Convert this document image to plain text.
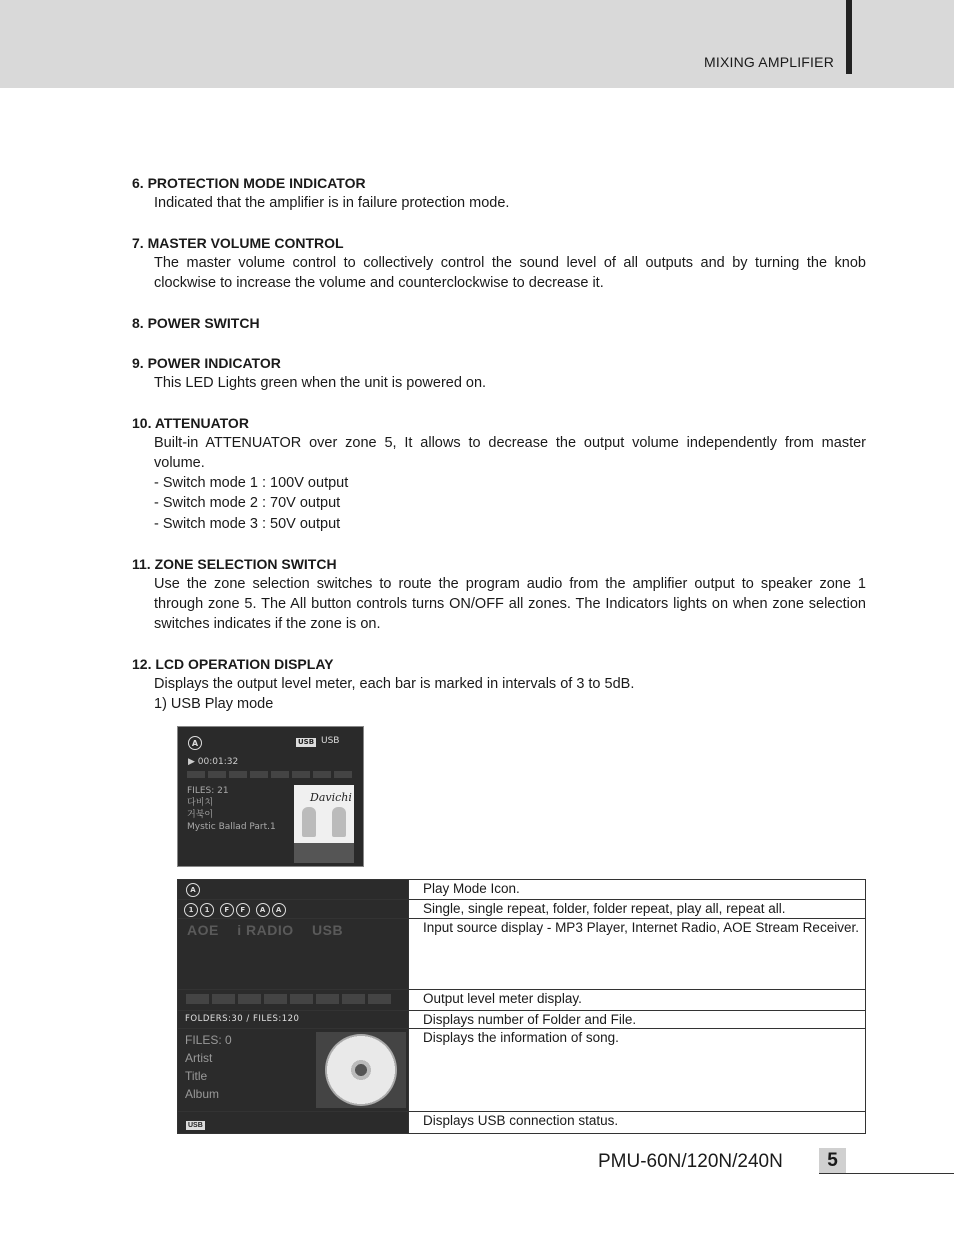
MIXING AMPLIFIER
6. PROTECTION MODE INDICATOR

Indicated that the amplifier is in failure protection mode.

7. MASTER VOLUME CONTROL

The master volume control to collectively control the sound level of all outputs and by turning the knob clockwise to increase the volume and counterclockwise to decrease it.

8. POWER SWITCH
9. POWER INDICATOR

This LED Lights green when the unit is powered on.

10. ATTENUATOR

Built-in ATTENUATOR over zone 5, It allows to decrease the output volume independently from master volume.

- Switch mode 1 : 100V output
- Switch mode 2 : 70V output
- Switch mode 3 : 50V output
11. ZONE SELECTION SWITCH

Use the zone selection switches to route the program audio from the amplifier output to speaker zone 1 through zone 5. The All button controls turns ON/OFF all zones. The Indicators lights on when zone selection switches indicates if the zone is on.

12. LCD OPERATION DISPLAY

Displays the output level meter, each bar is marked in intervals of 3 to 5dB.

1) USB Play mode
A	USB USB
▶ 00:01:32
FILES: 21
다비치
거북이
Mystic Ballad Part.1
Davichi
A	Play Mode Icon.

1 1 F F A A	Single, single repeat, folder, folder repeat, play all, repeat all.

AOE i RADIO USB	Input source display - MP3 Player, Internet Radio, AOE Stream Receiver.

	Output level meter display.

FOLDERS:30 / FILES:120	Displays number of Folder and File.

FILES: 0
Artist
Title
Album	Displays the information of song.

USB	Displays USB connection status.
PMU-60N/120N/240N	5
